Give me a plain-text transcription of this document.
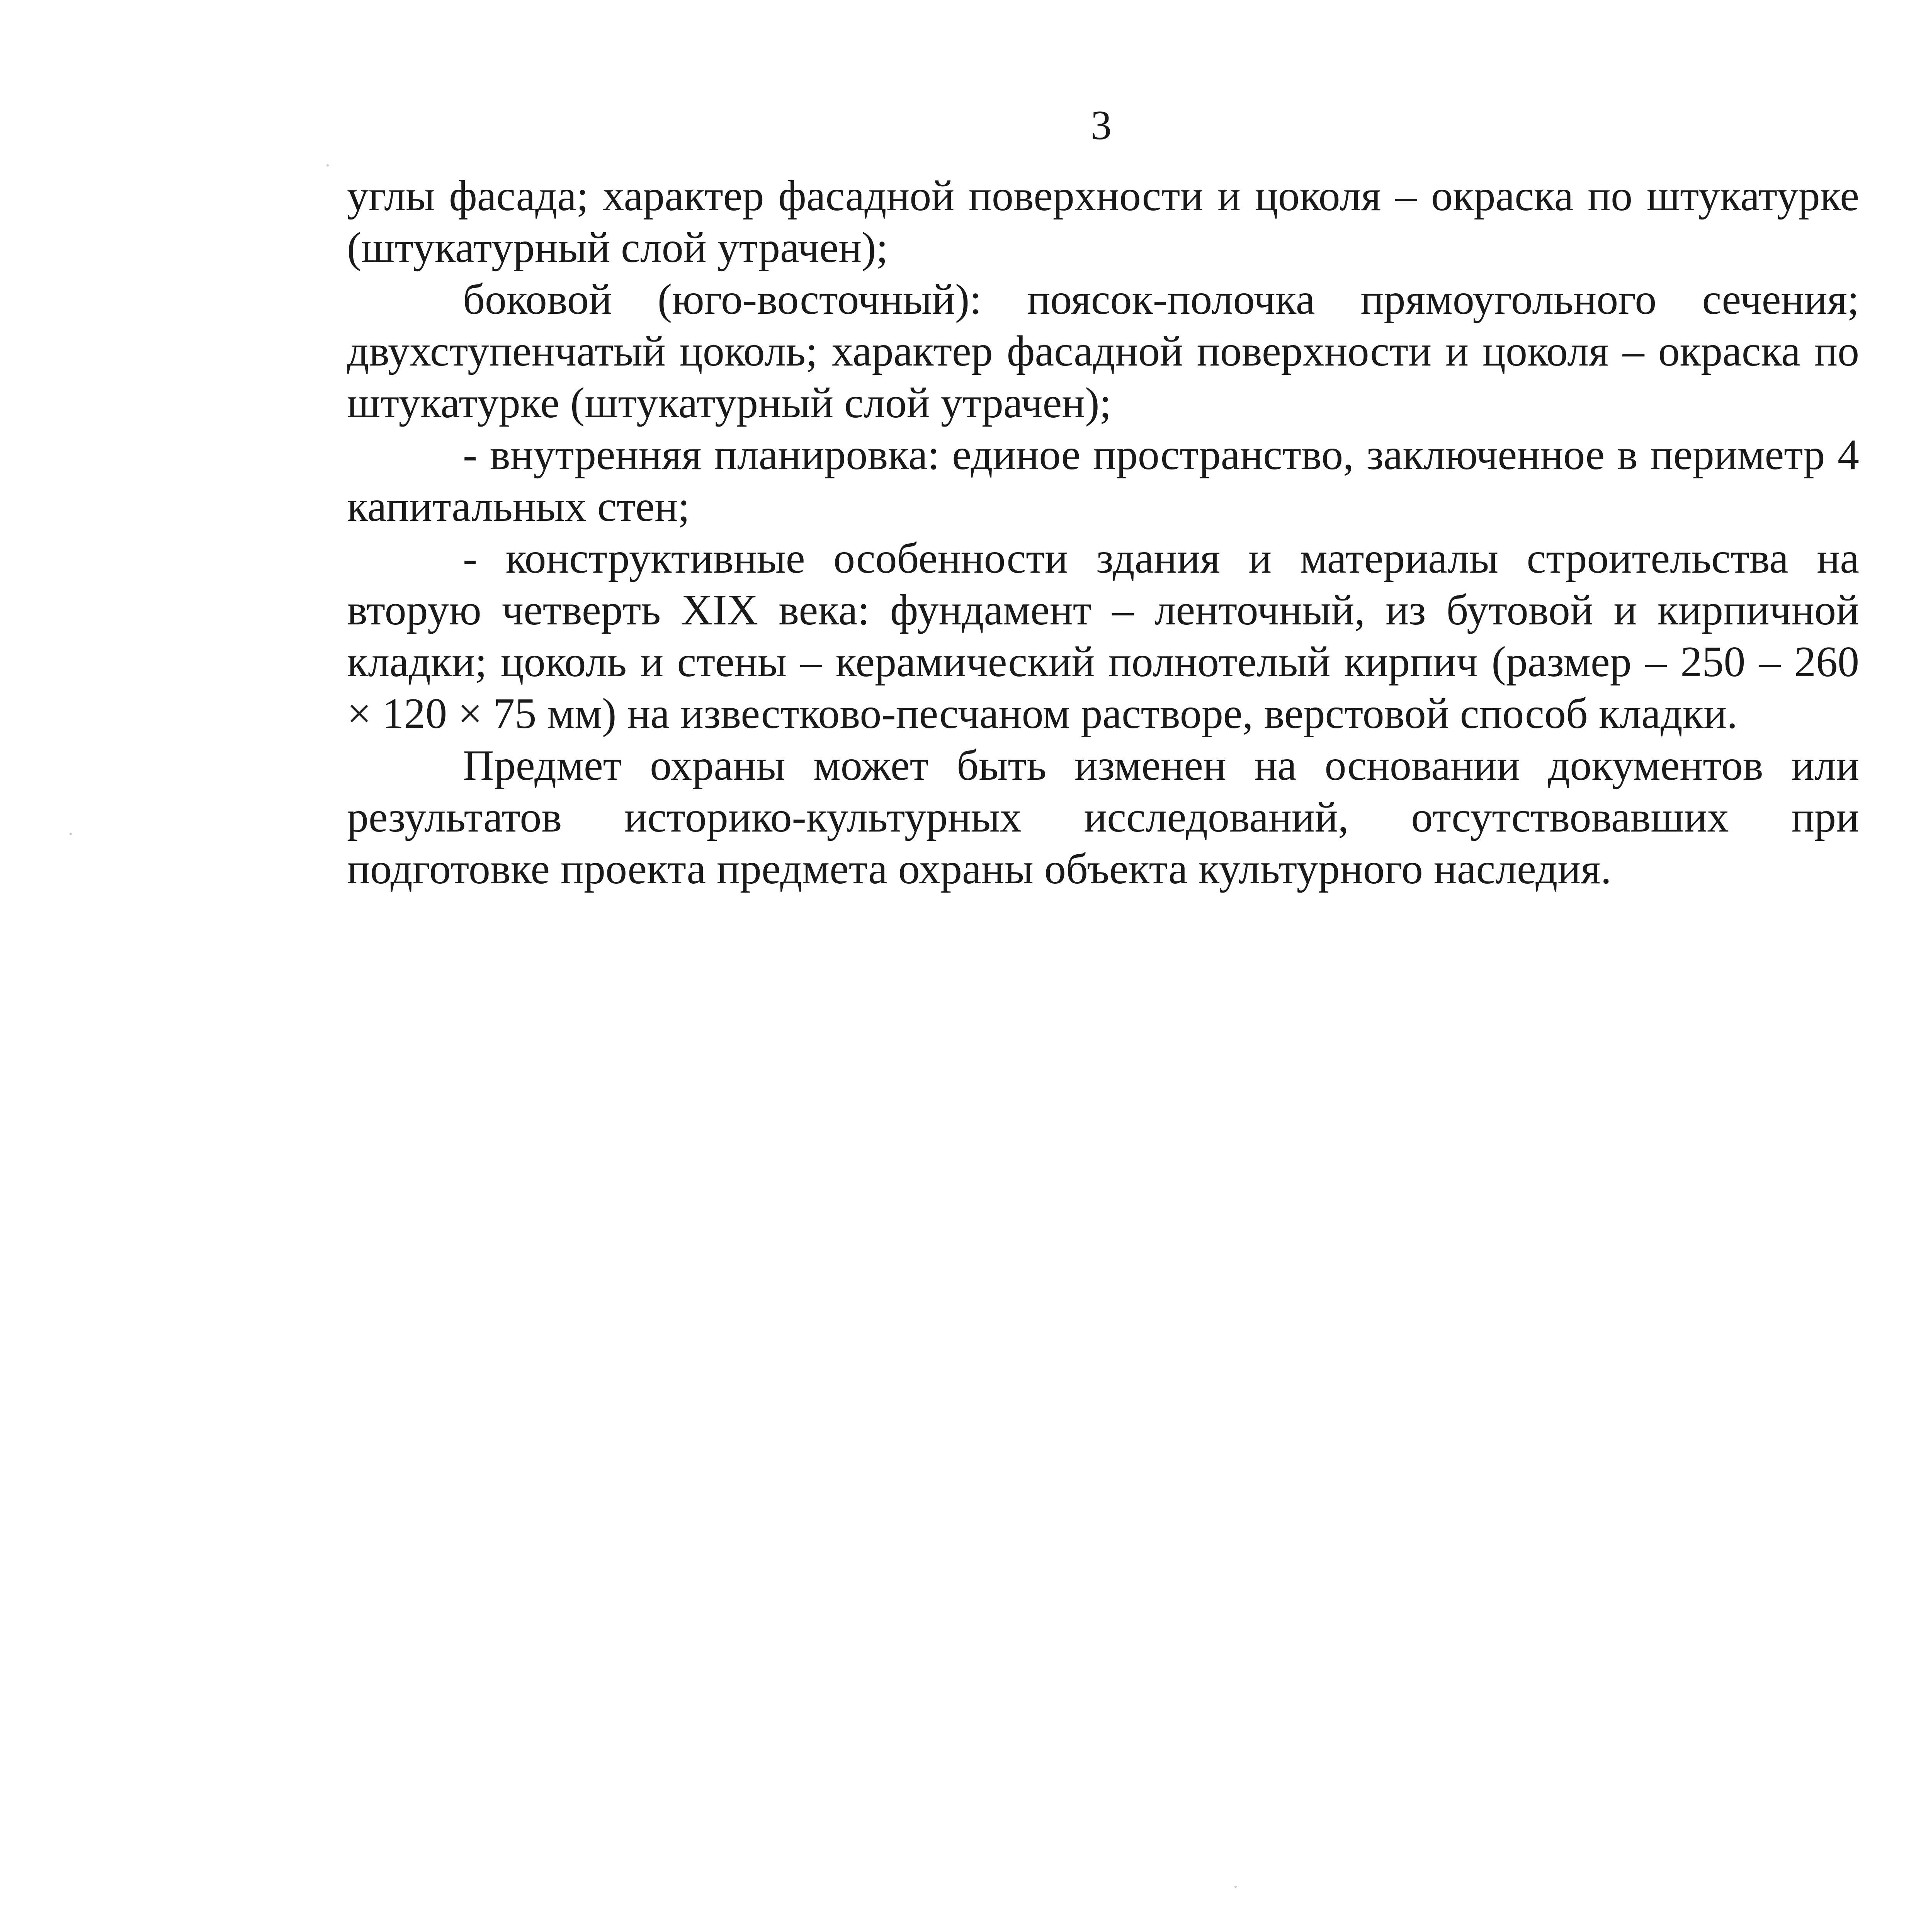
3

углы фасада; характер фасадной поверхности и цоколя – окраска по штукатурке (штукатурный слой утрачен);

боковой (юго-восточный): поясок-полочка прямоугольного сечения; двухступенчатый цоколь; характер фасадной поверхности и цоколя – окраска по штукатурке (штукатурный слой утрачен);

- внутренняя планировка: единое пространство, заключенное в периметр 4 капитальных стен;

- конструктивные особенности здания и материалы строительства на вторую четверть XIX века: фундамент – ленточный, из бутовой и кирпичной кладки; цоколь и стены – керамический полнотелый кирпич (размер – 250 – 260 × 120 × 75 мм) на известково-песчаном растворе, верстовой способ кладки.

Предмет охраны может быть изменен на основании документов или результатов историко-культурных исследований, отсутствовавших при подготовке проекта предмета охраны объекта культурного наследия.
